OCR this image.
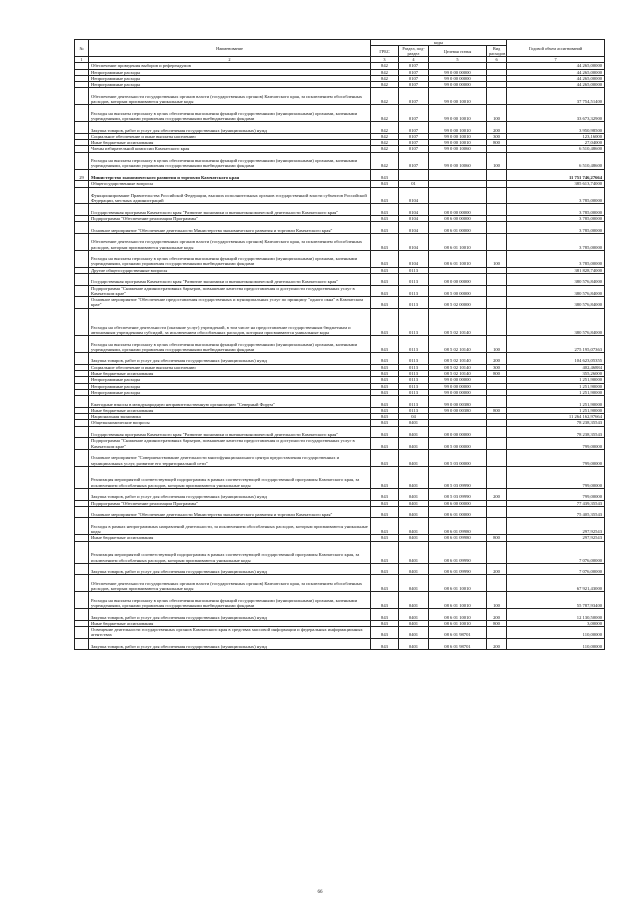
№	Наименование	коды				Годовой объем ассигнований
		ГРБС	Раздел, под-раздел	Целевая статья	Вид расходов	
1	2	3	4	5	6	7
	Обеспечение проведения выборов и референдумов	842	0107			44 265,00000
	Непрограммные расходы	842	0107	99 0 00 00000		44 265,00000
	Непрограммные расходы	842	0107	99 0 00 00000		44 265,00000
	Непрограммные расходы	842	0107	99 0 00 00000		44 265,00000
	Обеспечение деятельности государственных органов власти (государственных органов) Камчатского края, за исключением обособленных расходов, которым присваиваются уникальные коды	842	0107	99 0 00 10010		37 754,51400
	Расходы на выплаты персоналу в целях обеспечения выполнения функций государственными (муниципальными) органами, казенными учреждениями, органами управления государственными внебюджетными фондами	842	0107	99 0 00 10010	100	33 673,32900
	Закупка товаров, работ и услуг для обеспечения государственных (муниципальных) нужд	842	0107	99 0 00 10010	200	3 950,98500
	Социальное обеспечение и иные выплаты населению	842	0107	99 0 00 10010	300	123,16000
	Иные бюджетные ассигнования	842	0107	99 0 00 10010	800	27,04000
	Члены избирательной комиссии Камчатского края	842	0107	99 0 00 10060		6 510,48600
	Расходы на выплаты персоналу в целях обеспечения выполнения функций государственными (муниципальными) органами, казенными учреждениями, органами управления государственными внебюджетными фондами	842	0107	99 0 00 10060	100	6 510,48600
29	Министерство экономического развития и торговли Камчатского края	843				11 751 746,27664
	Общегосударственные вопросы	843	01			385 613,74000
	Функционирование Правительства Российской Федерации, высших исполнительных органов государственной власти субъектов Российской Федерации, местных администраций	843	0104			3 785,00000
	Государственная программа Камчатского края "Развитие экономики и внешнеэкономической деятельности Камчатского края"	843	0104	08 0 00 00000		3 785,00000
	Подпрограмма "Обеспечение реализации Программы"	843	0104	08 6 00 00000		3 785,00000
	Основное мероприятие "Обеспечение деятельности Министерства экономического развития и торговли Камчатского края"	843	0104	08 6 01 00000		3 785,00000
	Обеспечение деятельности государственных органов власти (государственных органов) Камчатского края, за исключением обособленных расходов, которым присваиваются уникальные коды	843	0104	08 6 01 10010		3 785,00000
	Расходы на выплаты персоналу в целях обеспечения выполнения функций государственными (муниципальными) органами, казенными учреждениями, органами управления государственными внебюджетными фондами	843	0104	08 6 01 10010	100	3 785,00000
	Другие общегосударственные вопросы	843	0113			381 828,74000
	Государственная программа Камчатского края "Развитие экономики и внешнеэкономической деятельности Камчатского края"	843	0113	08 0 00 00000		380 576,84000
	Подпрограмма "Снижение административных барьеров, повышение качества предоставления и доступности государственных услуг в Камчатском крае"	843	0113	08 5 00 00000		380 576,84000
	Основное мероприятие "Обеспечение предоставления государственных и муниципальных услуг по принципу "одного окна" в Камчатском крае"	843	0113	08 5 02 00000		380 576,84000
	Расходы на обеспечение деятельности (оказание услуг) учреждений, в том числе на предоставление государственным бюджетным и автономным учреждениям субсидий, за исключением обособленных расходов, которым присваиваются уникальные коды	843	0113	08 5 02 10140		380 576,84000
	Расходы на выплаты персоналу в целях обеспечения выполнения функций государственными (муниципальными) органами, казенными учреждениями, органами управления государственными внебюджетными фондами	843	0113	08 5 02 10140	100	275 195,07363
	Закупка товаров, работ и услуг для обеспечения государственных (муниципальных) нужд	843	0113	08 5 02 10140	200	104 623,05355
	Социальное обеспечение и иные выплаты населению	843	0113	08 5 02 10140	300	402,46884
	Иные бюджетные ассигнования	843	0113	08 5 02 10140	800	355,26000
	Непрограммные расходы	843	0113	99 0 00 00000		1 251,90000
	Непрограммные расходы	843	0113	99 0 00 00000		1 251,90000
	Непрограммные расходы	843	0113	99 0 00 00000		1 251,90000
	Ежегодные взносы в международную неправительственную организацию "Северный Форум"	843	0113	99 0 00 00380		1 251,90000
	Иные бюджетные ассигнования	843	0113	99 0 00 00380	800	1 251,90000
	Национальная экономика	843	04			11 264 162,97664
	Общеэкономические вопросы	843	0401			78 238,35543
	Государственная программа Камчатского края "Развитие экономики и внешнеэкономической деятельности Камчатского края"	843	0401	08 0 00 00000		78 238,35543
	Подпрограмма "Снижение административных барьеров, повышение качества предоставления и доступности государственных услуг в Камчатском крае"	843	0401	08 5 00 00000		799,00000
	Основное мероприятие "Совершенствование деятельности многофункционального центра предоставления государственных и муниципальных услуг, развитие его территориальной сети"	843	0401	08 5 03 00000		799,00000
	Реализация мероприятий соответствующей подпрограммы в рамках соответствующей государственной программы Камчатского края, за исключением обособленных расходов, которым присваиваются уникальные коды	843	0401	08 5 03 09990		799,00000
	Закупка товаров, работ и услуг для обеспечения государственных (муниципальных) нужд	843	0401	08 5 03 09990	200	799,00000
	Подпрограмма "Обеспечение реализации Программы"	843	0401	08 6 00 00000		77 439,35543
	Основное мероприятие "Обеспечение деятельности Министерства экономического развития и торговли Камчатского края"	843	0401	08 6 01 00000		75 405,35543
	Расходы в рамках непрограммных направлений деятельности, за исключением обособленных расходов, которым присваиваются уникальные коды	843	0401	08 6 01 09980		297,92543
	Иные бюджетные ассигнования	843	0401	08 6 01 09980	800	297,92543
	Реализация мероприятий соответствующей подпрограммы в рамках соответствующей государственной программы Камчатского края, за исключением обособленных расходов, которым присваиваются уникальные коды	843	0401	08 6 01 09990		7 076,00000
	Закупка товаров, работ и услуг для обеспечения государственных (муниципальных) нужд	843	0401	08 6 01 09990	200	7 076,00000
	Обеспечение деятельности государственных органов власти (государственных органов) Камчатского края, за исключением обособленных расходов, которым присваиваются уникальные коды	843	0401	08 6 01 10010		67 921,43000
	Расходы на выплаты персоналу в целях обеспечения выполнения функций государственными (муниципальными) органами, казенными учреждениями, органами управления государственными внебюджетными фондами	843	0401	08 6 01 10010	100	55 787,93400
	Закупка товаров, работ и услуг для обеспечения государственных (муниципальных) нужд	843	0401	08 6 01 10010	200	12 130,50000
	Иные бюджетные ассигнования	843	0401	08 6 01 10010	800	3,00000
	Освещение деятельности государственных органов Камчатского края в средствах массовой информации и федеральных информационных агентствах	843	0401	08 6 01 98701		110,00000
	Закупка товаров, работ и услуг для обеспечения государственных (муниципальных) нужд	843	0401	08 6 01 98701	200	110,00000
66
